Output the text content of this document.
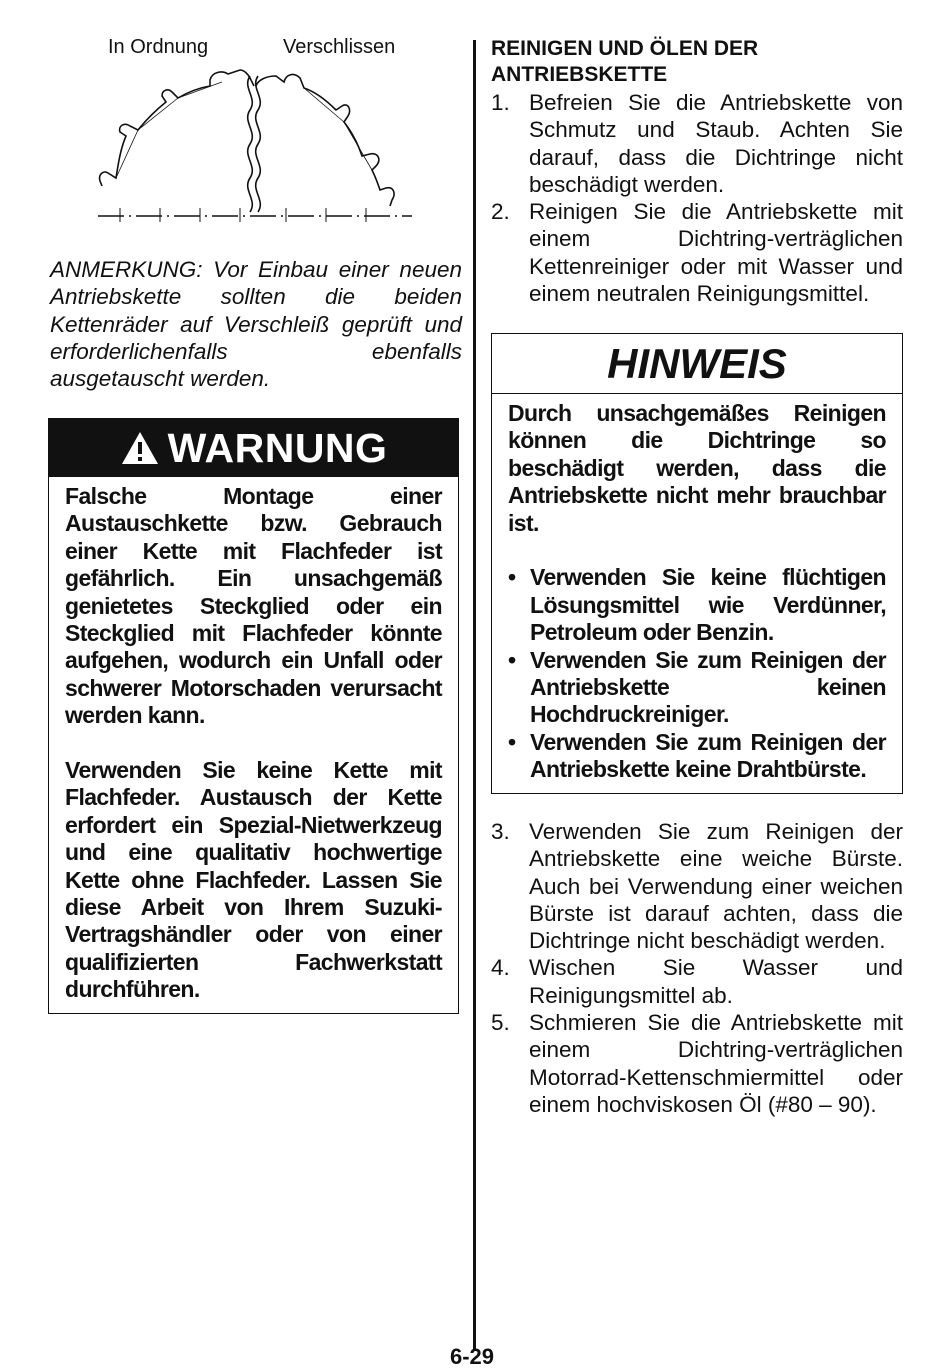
In Ordnung	Verschlissen

ANMERKUNG: Vor Einbau einer neuen Antriebskette sollten die beiden Kettenräder auf Verschleiß geprüft und erforderlichenfalls ebenfalls ausgetauscht werden.

WARNUNG

Falsche Montage einer Austauschkette bzw. Gebrauch einer Kette mit Flachfeder ist gefährlich. Ein unsachgemäß genietetes Steckglied oder ein Steckglied mit Flachfeder könnte aufgehen, wodurch ein Unfall oder schwerer Motorschaden verursacht werden kann.

Verwenden Sie keine Kette mit Flachfeder. Austausch der Kette erfordert ein Spezial-Nietwerkzeug und eine qualitativ hochwertige Kette ohne Flachfeder. Lassen Sie diese Arbeit von Ihrem Suzuki-Vertragshändler oder von einer qualifizierten Fachwerkstatt durchführen.

REINIGEN UND ÖLEN DER
ANTRIEBSKETTE
1. Befreien Sie die Antriebskette von Schmutz und Staub. Achten Sie darauf, dass die Dichtringe nicht beschädigt werden.
2. Reinigen Sie die Antriebskette mit einem Dichtring-verträglichen Kettenreiniger oder mit Wasser und einem neutralen Reinigungsmittel.
HINWEIS

Durch unsachgemäßes Reinigen können die Dichtringe so beschädigt werden, dass die Antriebskette nicht mehr brauchbar ist.

• Verwenden Sie keine flüchtigen Lösungsmittel wie Verdünner, Petroleum oder Benzin.
• Verwenden Sie zum Reinigen der Antriebskette keinen Hochdruckreiniger.
• Verwenden Sie zum Reinigen der Antriebskette keine Drahtbürste.
3. Verwenden Sie zum Reinigen der Antriebskette eine weiche Bürste. Auch bei Verwendung einer weichen Bürste ist darauf achten, dass die Dichtringe nicht beschädigt werden.
4. Wischen Sie Wasser und Reinigungsmittel ab.
5. Schmieren Sie die Antriebskette mit einem Dichtring-verträglichen Motorrad-Kettenschmiermittel oder einem hochviskosen Öl (#80 – 90).
6-29
